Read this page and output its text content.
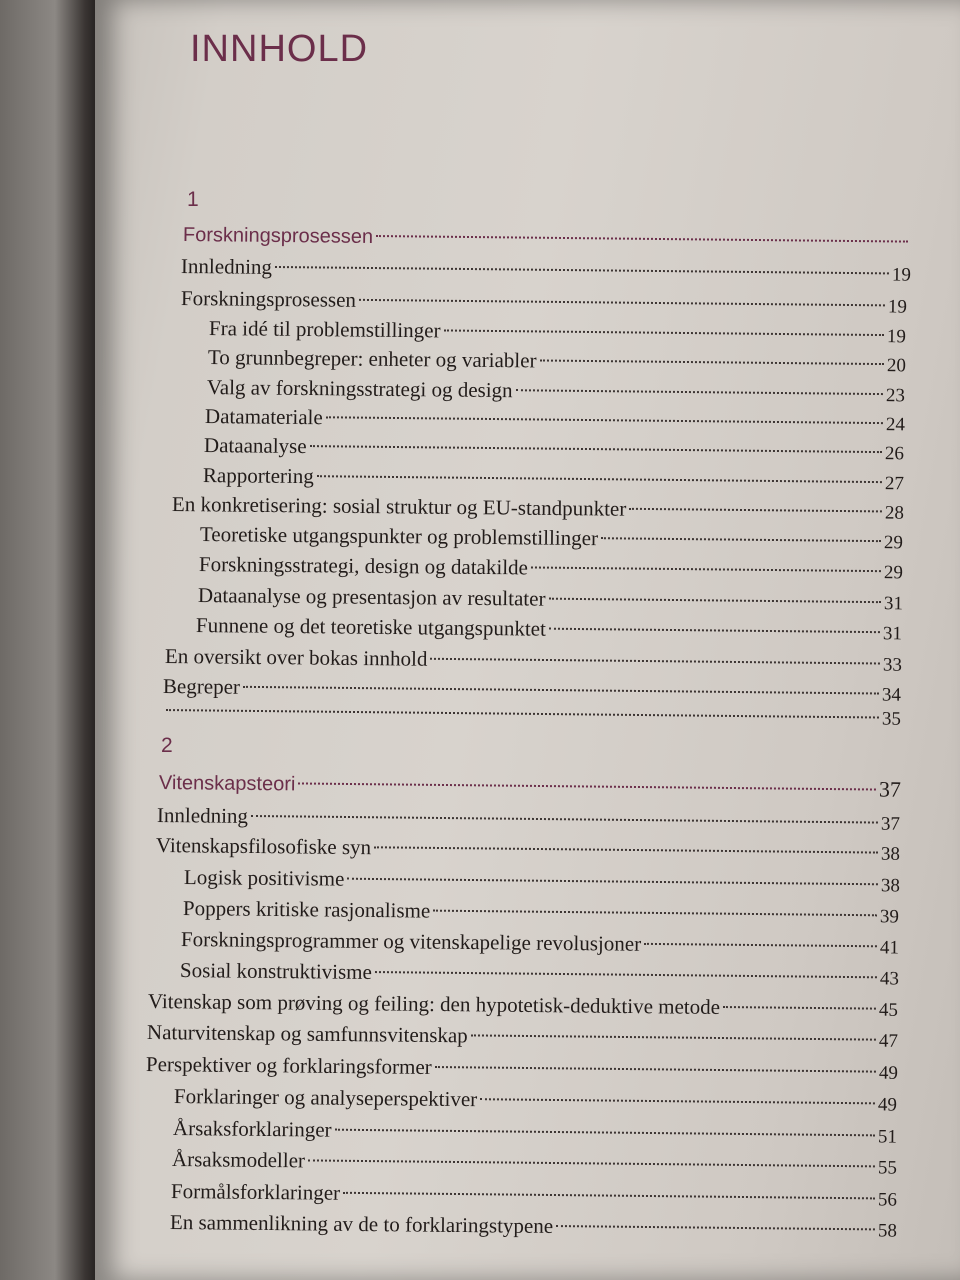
INNHOLD
1
Forskningsprosessen
Innledning	19
Forskningsprosessen	19
Fra idé til problemstillinger	19
To grunnbegreper: enheter og variabler	20
Valg av forskningsstrategi og design	23
Datamateriale	24
Dataanalyse	26
Rapportering	27
En konkretisering: sosial struktur og EU-standpunkter	28
Teoretiske utgangspunkter og problemstillinger	29
Forskningsstrategi, design og datakilde	29
Dataanalyse og presentasjon av resultater	31
Funnene og det teoretiske utgangspunktet	31
En oversikt over bokas innhold	33
Begreper	34
35
2
Vitenskapsteori	37
Innledning	37
Vitenskapsfilosofiske syn	38
Logisk positivisme	38
Poppers kritiske rasjonalisme	39
Forskningsprogrammer og vitenskapelige revolusjoner	41
Sosial konstruktivisme	43
Vitenskap som prøving og feiling: den hypotetisk-deduktive metode	45
Naturvitenskap og samfunnsvitenskap	47
Perspektiver og forklaringsformer	49
Forklaringer og analyseperspektiver	49
Årsaksforklaringer	51
Årsaksmodeller	55
Formålsforklaringer	56
En sammenlikning av de to forklaringstypene	58
